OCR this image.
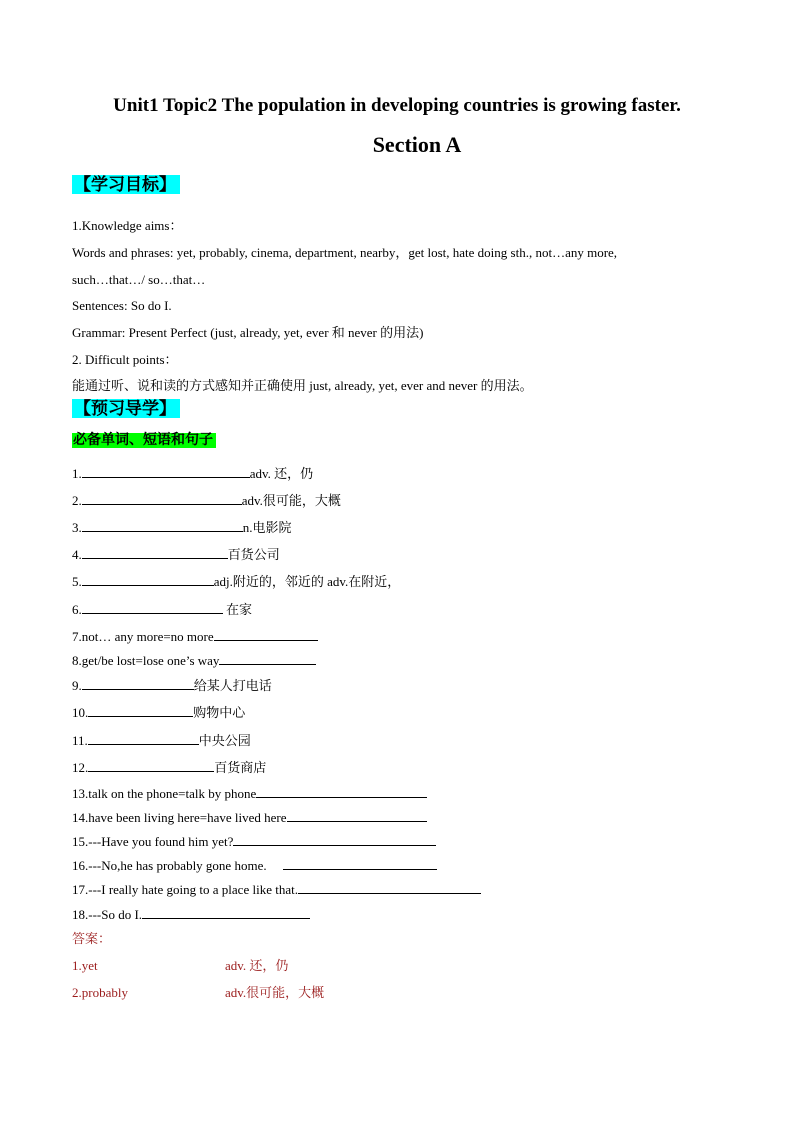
Unit1 Topic2 The population in developing countries is growing faster.
Section A
【学习目标】
1.Knowledge aims：
Words and phrases: yet, probably, cinema, department, nearby，get lost, hate doing sth., not…any more,
such…that…/ so…that…
Sentences: So do I.
Grammar: Present Perfect (just, already, yet, ever 和 never 的用法)
2. Difficult points：
能通过听、说和读的方式感知并正确使用 just, already, yet, ever and never 的用法。
【预习导学】
必备单词、短语和句子
1.	adv. 还，仍
2.	adv.很可能，大概
3.	n.电影院
4.	百货公司
5.	adj.附近的，邻近的 adv.在附近，
6.	在家
7.not… any more=no more
8.get/be lost=lose one’s way
9.	给某人打电话
10.	购物中心
11.	中央公园
12.	百货商店
13.talk on the phone=talk by phone
14.have been living here=have lived here
15.---Have you found him yet?
16.---No,he has probably gone home.
17.---I really hate going to a place like that.
18.---So do I.
答案：
1.yet	adv. 还，仍
2.probably	adv.很可能，大概
